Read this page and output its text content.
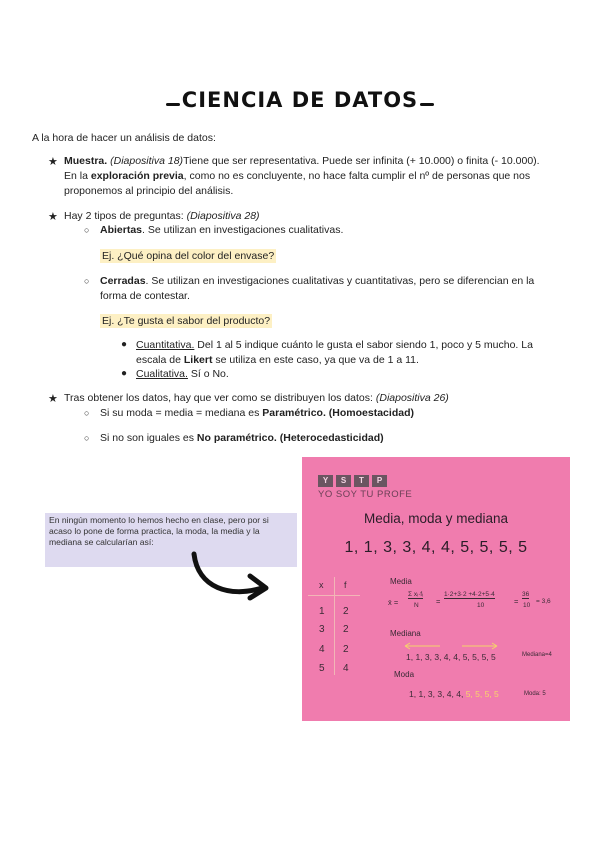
CIENCIA DE DATOS
A la hora de hacer un análisis de datos:
★ Muestra. (Diapositiva 18)Tiene que ser representativa. Puede ser infinita (+ 10.000) o finita (- 10.000).
En la exploración previa, como no es concluyente, no hace falta cumplir el nº de personas que nos
proponemos al principio del análisis.
★ Hay 2 tipos de preguntas: (Diapositiva 28)
○ Abiertas. Se utilizan en investigaciones cualitativas.
Ej. ¿Qué opina del color del envase?
○ Cerradas. Se utilizan en investigaciones cualitativas y cuantitativas, pero se diferencian en la
forma de contestar.
Ej. ¿Te gusta el sabor del producto?
● Cuantitativa. Del 1 al 5 indique cuánto le gusta el sabor siendo 1, poco y 5 mucho. La
escala de Likert se utiliza en este caso, ya que va de 1 a 11.
● Cualitativa. Sí o No.
★ Tras obtener los datos, hay que ver como se distribuyen los datos: (Diapositiva 26)
○ Si su moda = media = mediana es Paramétrico. (Homoestacidad)
○ Si no son iguales es No paramétrico. (Heterocedasticidad)
En ningún momento lo hemos hecho en clase, pero por si acaso lo pone de forma practica, la moda, la media y la mediana se calcularían así:
Y	S	T	P
YO SOY TU PROFE
Media, moda y mediana
1, 1, 3, 3, 4, 4, 5, 5, 5, 5
x f
1 2
3 2
4 2
5 4
Media
x̄ =
Σ xᵢ·fᵢ
N =
1·2+3·2 +4·2+5·4
10	=
36
10
= 3,6
Mediana
1, 1, 3, 3, 4, 4, 5, 5, 5, 5	Mediana=4
Moda
1, 1, 3, 3, 4, 4, 5, 5, 5, 5	Moda: 5
